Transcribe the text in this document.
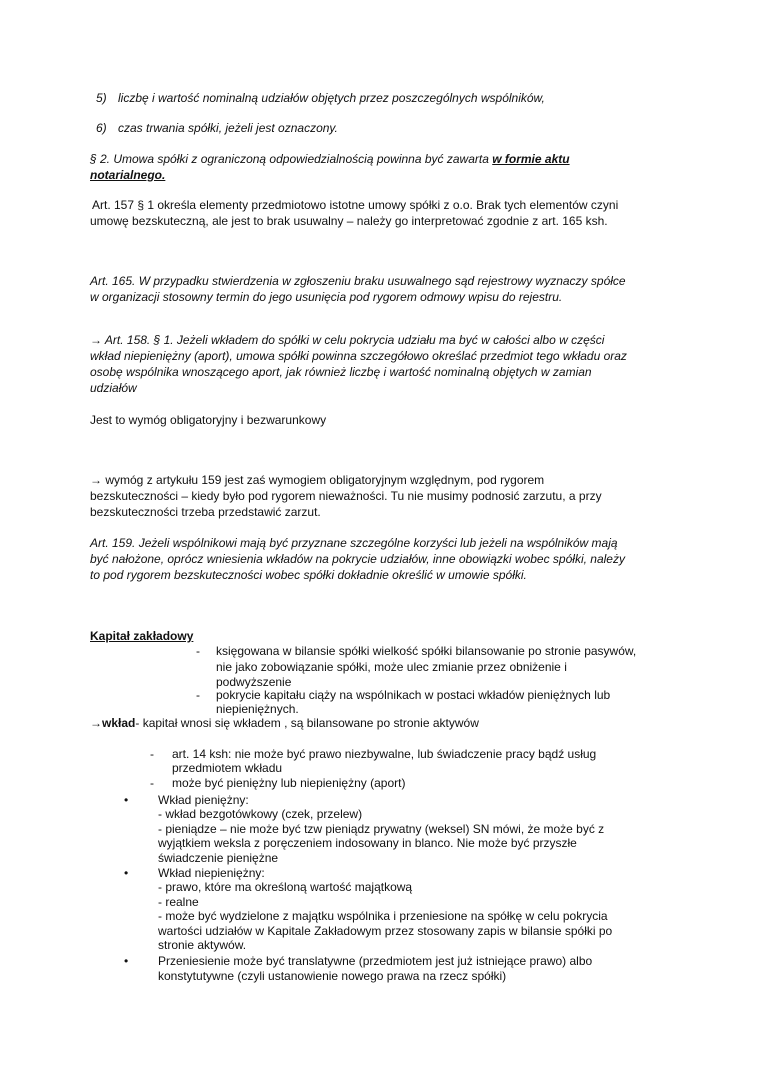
5) liczbę i wartość nominalną udziałów objętych przez poszczególnych wspólników,
6) czas trwania spółki, jeżeli jest oznaczony.
§ 2. Umowa spółki z ograniczoną odpowiedzialnością powinna być zawarta w formie aktu
notarialnego.
Art. 157 § 1 określa elementy przedmiotowo istotne umowy spółki z o.o. Brak tych elementów czyni
umowę bezskuteczną, ale jest to brak usuwalny – należy go interpretować zgodnie z art. 165 ksh.
Art. 165. W przypadku stwierdzenia w zgłoszeniu braku usuwalnego sąd rejestrowy wyznaczy spółce
w organizacji stosowny termin do jego usunięcia pod rygorem odmowy wpisu do rejestru.
→ Art. 158. § 1. Jeżeli wkładem do spółki w celu pokrycia udziału ma być w całości albo w części
wkład niepieniężny (aport), umowa spółki powinna szczegółowo określać przedmiot tego wkładu oraz
osobę wspólnika wnoszącego aport, jak również liczbę i wartość nominalną objętych w zamian
udziałów
Jest to wymóg obligatoryjny i bezwarunkowy
→ wymóg z artykułu 159 jest zaś wymogiem obligatoryjnym względnym, pod rygorem
bezskuteczności – kiedy było pod rygorem nieważności. Tu nie musimy podnosić zarzutu, a przy
bezskuteczności trzeba przedstawić zarzut.
Art. 159. Jeżeli wspólnikowi mają być przyznane szczególne korzyści lub jeżeli na wspólników mają
być nałożone, oprócz wniesienia wkładów na pokrycie udziałów, inne obowiązki wobec spółki, należy
to pod rygorem bezskuteczności wobec spółki dokładnie określić w umowie spółki.
Kapitał zakładowy
- księgowana w bilansie spółki wielkość spółki bilansowanie po stronie pasywów,
nie jako zobowiązanie spółki, może ulec zmianie przez obniżenie i
podwyższenie
- pokrycie kapitału ciąży na wspólnikach w postaci wkładów pieniężnych lub
niepieniężnych.
→wkład- kapitał wnosi się wkładem , są bilansowane po stronie aktywów
- art. 14 ksh: nie może być prawo niezbywalne, lub świadczenie pracy bądź usług
przedmiotem wkładu
- może być pieniężny lub niepieniężny (aport)
• Wkład pieniężny:
- wkład bezgotówkowy (czek, przelew)
- pieniądze – nie może być tzw pieniądz prywatny (weksel) SN mówi, że może być z
wyjątkiem weksla z poręczeniem indosowany in blanco. Nie może być przyszłe
świadczenie pieniężne
• Wkład niepieniężny:
- prawo, które ma określoną wartość majątkową
- realne
- może być wydzielone z majątku wspólnika i przeniesione na spółkę w celu pokrycia
wartości udziałów w Kapitale Zakładowym przez stosowany zapis w bilansie spółki po
stronie aktywów.
• Przeniesienie może być translatywne (przedmiotem jest już istniejące prawo) albo
konstytutywne (czyli ustanowienie nowego prawa na rzecz spółki)
